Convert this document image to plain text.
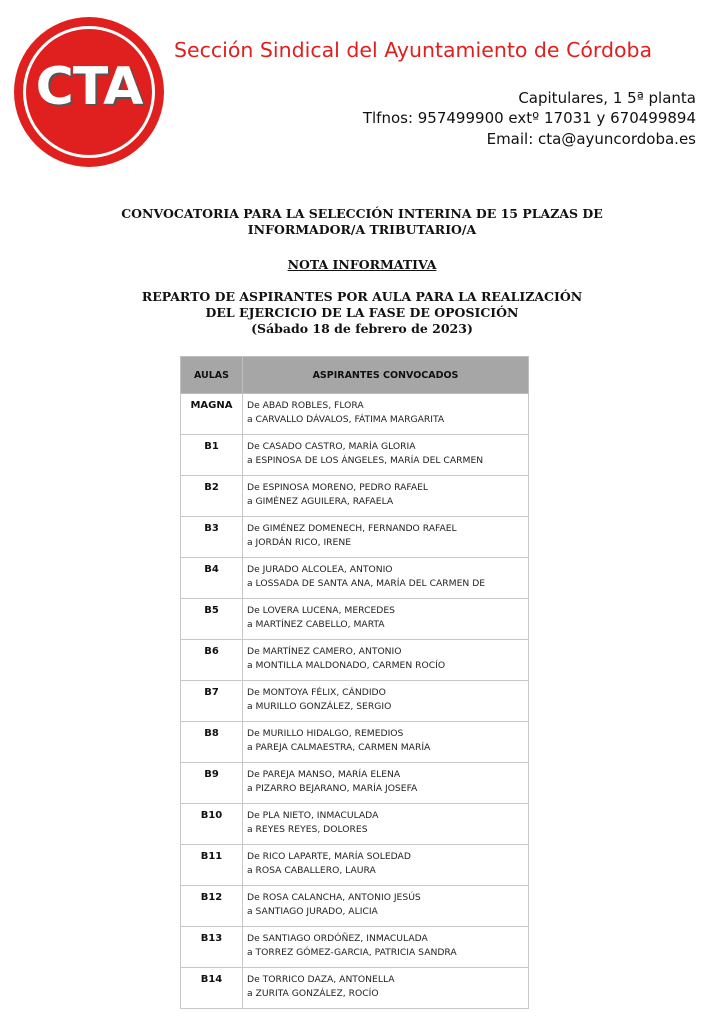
CTA
Sección Sindical del Ayuntamiento de Córdoba
Capitulares, 1 5ª planta
Tlfnos: 957499900 extº 17031 y 670499894
Email: cta@ayuncordoba.es
CONVOCATORIA PARA LA SELECCIÓN INTERINA DE 15 PLAZAS DE
INFORMADOR/A TRIBUTARIO/A
NOTA INFORMATIVA
REPARTO DE ASPIRANTES POR AULA PARA LA REALIZACIÓN
DEL EJERCICIO DE LA FASE DE OPOSICIÓN
(Sábado 18 de febrero de 2023)
AULAS	ASPIRANTES CONVOCADOS
MAGNA	De ABAD ROBLES, FLORA
a CARVALLO DÁVALOS, FÁTIMA MARGARITA

B1	De CASADO CASTRO, MARÍA GLORIA
a ESPINOSA DE LOS ÁNGELES, MARÍA DEL CARMEN

B2	De ESPINOSA MORENO, PEDRO RAFAEL
a GIMÉNEZ AGUILERA, RAFAELA

B3	De GIMÉNEZ DOMENECH, FERNANDO RAFAEL
a JORDÁN RICO, IRENE

B4	De JURADO ALCOLEA, ANTONIO
a LOSSADA DE SANTA ANA, MARÍA DEL CARMEN DE

B5	De LOVERA LUCENA, MERCEDES
a MARTÍNEZ CABELLO, MARTA

B6	De MARTÍNEZ CAMERO, ANTONIO
a MONTILLA MALDONADO, CARMEN ROCÍO

B7	De MONTOYA FÉLIX, CÁNDIDO
a MURILLO GONZÁLEZ, SERGIO

B8	De MURILLO HIDALGO, REMEDIOS
a PAREJA CALMAESTRA, CARMEN MARÍA

B9	De PAREJA MANSO, MARÍA ELENA
a PIZARRO BEJARANO, MARÍA JOSEFA

B10	De PLA NIETO, INMACULADA
a REYES REYES, DOLORES

B11	De RICO LAPARTE, MARÍA SOLEDAD
a ROSA CABALLERO, LAURA

B12	De ROSA CALANCHA, ANTONIO JESÚS
a SANTIAGO JURADO, ALICIA

B13	De SANTIAGO ORDÓÑEZ, INMACULADA
a TORREZ GÓMEZ-GARCIA, PATRICIA SANDRA

B14	De TORRICO DAZA, ANTONELLA
a ZURITA GONZÁLEZ, ROCÍO
